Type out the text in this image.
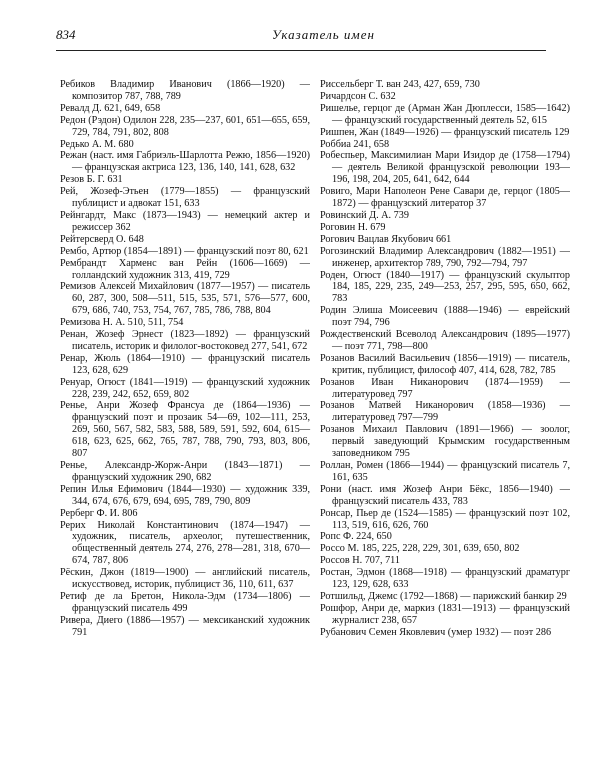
834	Указатель имен

Ребиков Владимир Иванович (1866—1920) — композитор 787, 788, 789

Ревалд Д. 621, 649, 658

Редон (Рэдон) Одилон 228, 235—237, 601, 651—655, 659, 729, 784, 791, 802, 808

Редько А. М. 680

Режан (наст. имя Габриэль-Шарлотта Режю, 1856—1920) — французская актриса 123, 136, 140, 141, 628, 632

Резов Б. Г. 631

Рей, Жозеф-Этьен (1779—1855) — французский публицист и адвокат 151, 633

Рейнгардт, Макс (1873—1943) — немецкий актер и режиссер 362

Рейтерсверд О. 648

Рембо, Артюр (1854—1891) — французский поэт 80, 621

Рембрандт Харменс ван Рейн (1606—1669) — голландский художник 313, 419, 729

Ремизов Алексей Михайлович (1877—1957) — писатель 60, 287, 300, 508—511, 515, 535, 571, 576—577, 600, 679, 686, 740, 753, 754, 767, 785, 786, 788, 804

Ремизова Н. А. 510, 511, 754

Ренан, Жозеф Эрнест (1823—1892) — французский писатель, историк и филолог-востоковед 277, 541, 672

Ренар, Жюль (1864—1910) — французский писатель 123, 628, 629

Ренуар, Огюст (1841—1919) — французский художник 228, 239, 242, 652, 659, 802

Ренье, Анри Жозеф Франсуа де (1864—1936) — французский поэт и прозаик 54—69, 102—111, 253, 269, 560, 567, 582, 583, 588, 589, 591, 592, 604, 615—618, 623, 625, 662, 765, 787, 788, 790, 793, 803, 806, 807

Ренье, Александр-Жорж-Анри (1843—1871) — французский художник 290, 682

Репин Илья Ефимович (1844—1930) — художник 339, 344, 674, 676, 679, 694, 695, 789, 790, 809

Рерберг Ф. И. 806

Рерих Николай Константинович (1874—1947) — художник, писатель, археолог, путешественник, общественный деятель 274, 276, 278—281, 318, 670—674, 787, 806

Рёскин, Джон (1819—1900) — английский писатель, искусствовед, историк, публицист 36, 110, 611, 637

Ретиф де ла Бретон, Никола-Эдм (1734—1806) — французский писатель 499

Ривера, Диего (1886—1957) — мексиканский художник 791

Риссельберг Т. ван 243, 427, 659, 730

Ричардсон С. 632

Ришелье, герцог де (Арман Жан Дюплесси, 1585—1642) — французский государственный деятель 52, 615

Ришпен, Жан (1849—1926) — французский писатель 129

Роббиа 241, 658

Робеспьер, Максимилиан Мари Изидор де (1758—1794) — деятель Великой французской революции 193—196, 198, 204, 205, 641, 642, 644

Ровиго, Мари Наполеон Рене Савари де, герцог (1805—1872) — французский литератор 37

Ровинский Д. А. 739

Роговин Н. 679

Рогович Вацлав Якубович 661

Рогозинский Владимир Александрович (1882—1951) — инженер, архитектор 789, 790, 792—794, 797

Роден, Огюст (1840—1917) — французский скульптор 184, 185, 229, 235, 249—253, 257, 295, 595, 650, 662, 783

Родин Элиша Моисеевич (1888—1946) — еврейский поэт 794, 796

Рождественский Всеволод Александрович (1895—1977) — поэт 771, 798—800

Розанов Василий Васильевич (1856—1919) — писатель, критик, публицист, философ 407, 414, 628, 782, 785

Розанов Иван Никанорович (1874—1959) — литературовед 797

Розанов Матвей Никанорович (1858—1936) — литературовед 797—799

Розанов Михаил Павлович (1891—1966) — зоолог, первый заведующий Крымским государственным заповедником 795

Роллан, Ромен (1866—1944) — французский писатель 7, 161, 635

Рони (наст. имя Жозеф Анри Бёкс, 1856—1940) — французский писатель 433, 783

Ронсар, Пьер де (1524—1585) — французский поэт 102, 113, 519, 616, 626, 760

Ропс Ф. 224, 650

Россо М. 185, 225, 228, 229, 301, 639, 650, 802

Россов Н. 707, 711

Ростан, Эдмон (1868—1918) — французский драматург 123, 129, 628, 633

Ротшильд, Джемс (1792—1868) — парижский банкир 29

Рошфор, Анри де, маркиз (1831—1913) — французский журналист 238, 657

Рубанович Семен Яковлевич (умер 1932) — поэт 286
